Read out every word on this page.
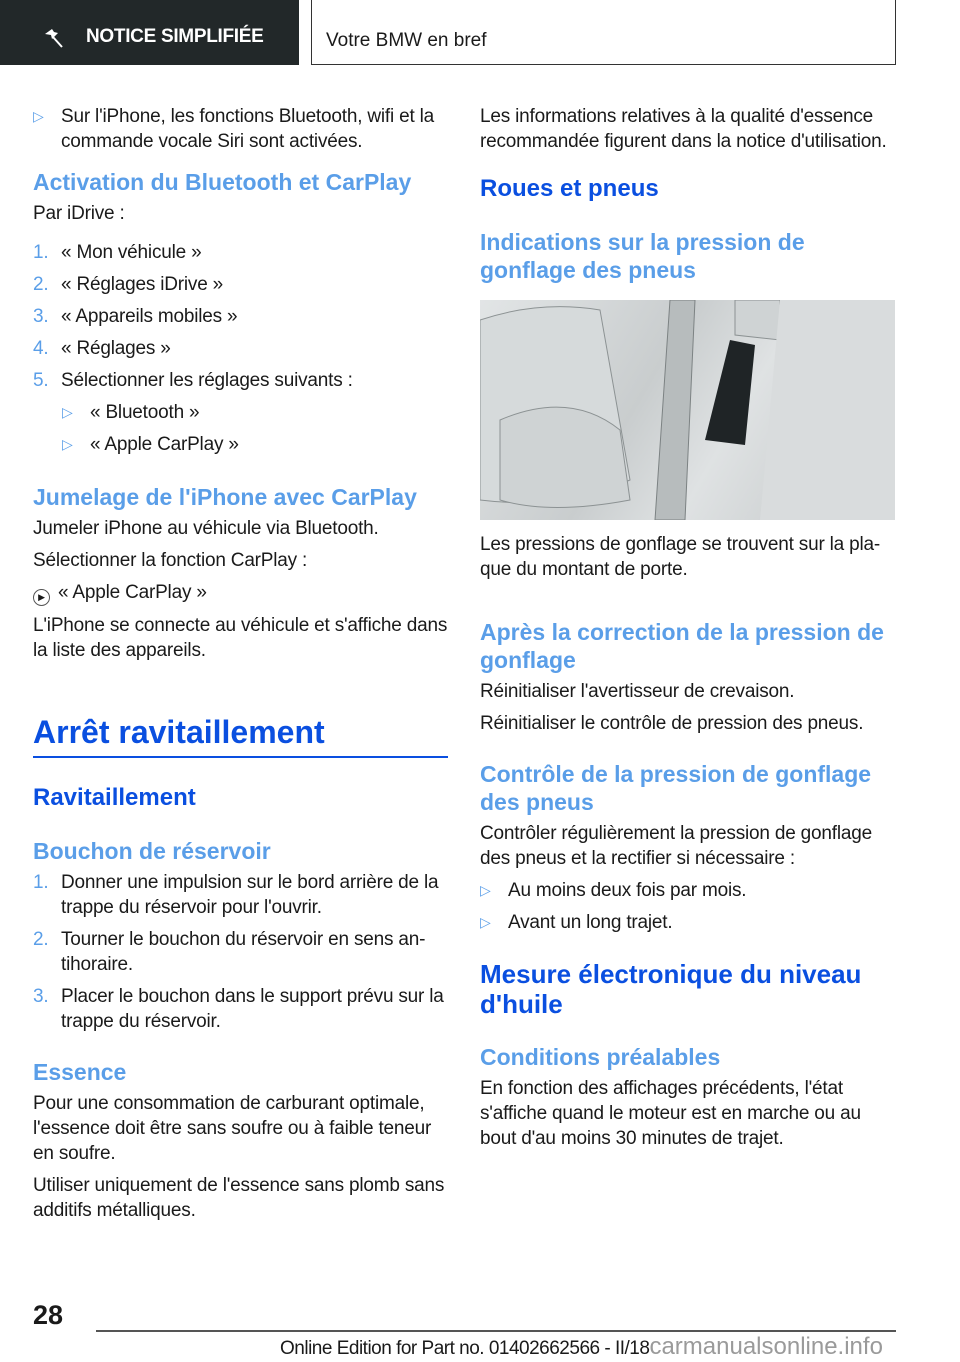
NOTICE SIMPLIFIÉE	Votre BMW en bref
▷ Sur l'iPhone, les fonctions Bluetooth, wifi et la commande vocale Siri sont activées.
Activation du Bluetooth et CarPlay
Par iDrive :
1. « Mon véhicule »
2. « Réglages iDrive »
3. « Appareils mobiles »
4. « Réglages »
5. Sélectionner les réglages suivants :
▷ « Bluetooth »
▷ « Apple CarPlay »
Jumelage de l'iPhone avec CarPlay
Jumeler iPhone au véhicule via Bluetooth.
Sélectionner la fonction CarPlay :
▶ « Apple CarPlay »
L'iPhone se connecte au véhicule et s'affiche dans la liste des appareils.
Arrêt ravitaillement
Ravitaillement
Bouchon de réservoir
1. Donner une impulsion sur le bord arrière de la trappe du réservoir pour l'ouvrir.
2. Tourner le bouchon du réservoir en sens antihoraire.
3. Placer le bouchon dans le support prévu sur la trappe du réservoir.
Essence
Pour une consommation de carburant optimale, l'essence doit être sans soufre ou à faible teneur en soufre.
Utiliser uniquement de l'essence sans plomb sans additifs métalliques.
Les informations relatives à la qualité d'essence recommandée figurent dans la notice d'utilisation.
Roues et pneus
Indications sur la pression de gonflage des pneus
Les pressions de gonflage se trouvent sur la plaque du montant de porte.
Après la correction de la pression de gonflage
Réinitialiser l'avertisseur de crevaison.
Réinitialiser le contrôle de pression des pneus.
Contrôle de la pression de gonflage des pneus
Contrôler régulièrement la pression de gonflage des pneus et la rectifier si nécessaire :
▷ Au moins deux fois par mois.
▷ Avant un long trajet.
Mesure électronique du niveau d'huile
Conditions préalables
En fonction des affichages précédents, l'état s'affiche quand le moteur est en marche ou au bout d'au moins 30 minutes de trajet.
28
Online Edition for Part no. 01402662566 - II/18carmanualsonline.info
